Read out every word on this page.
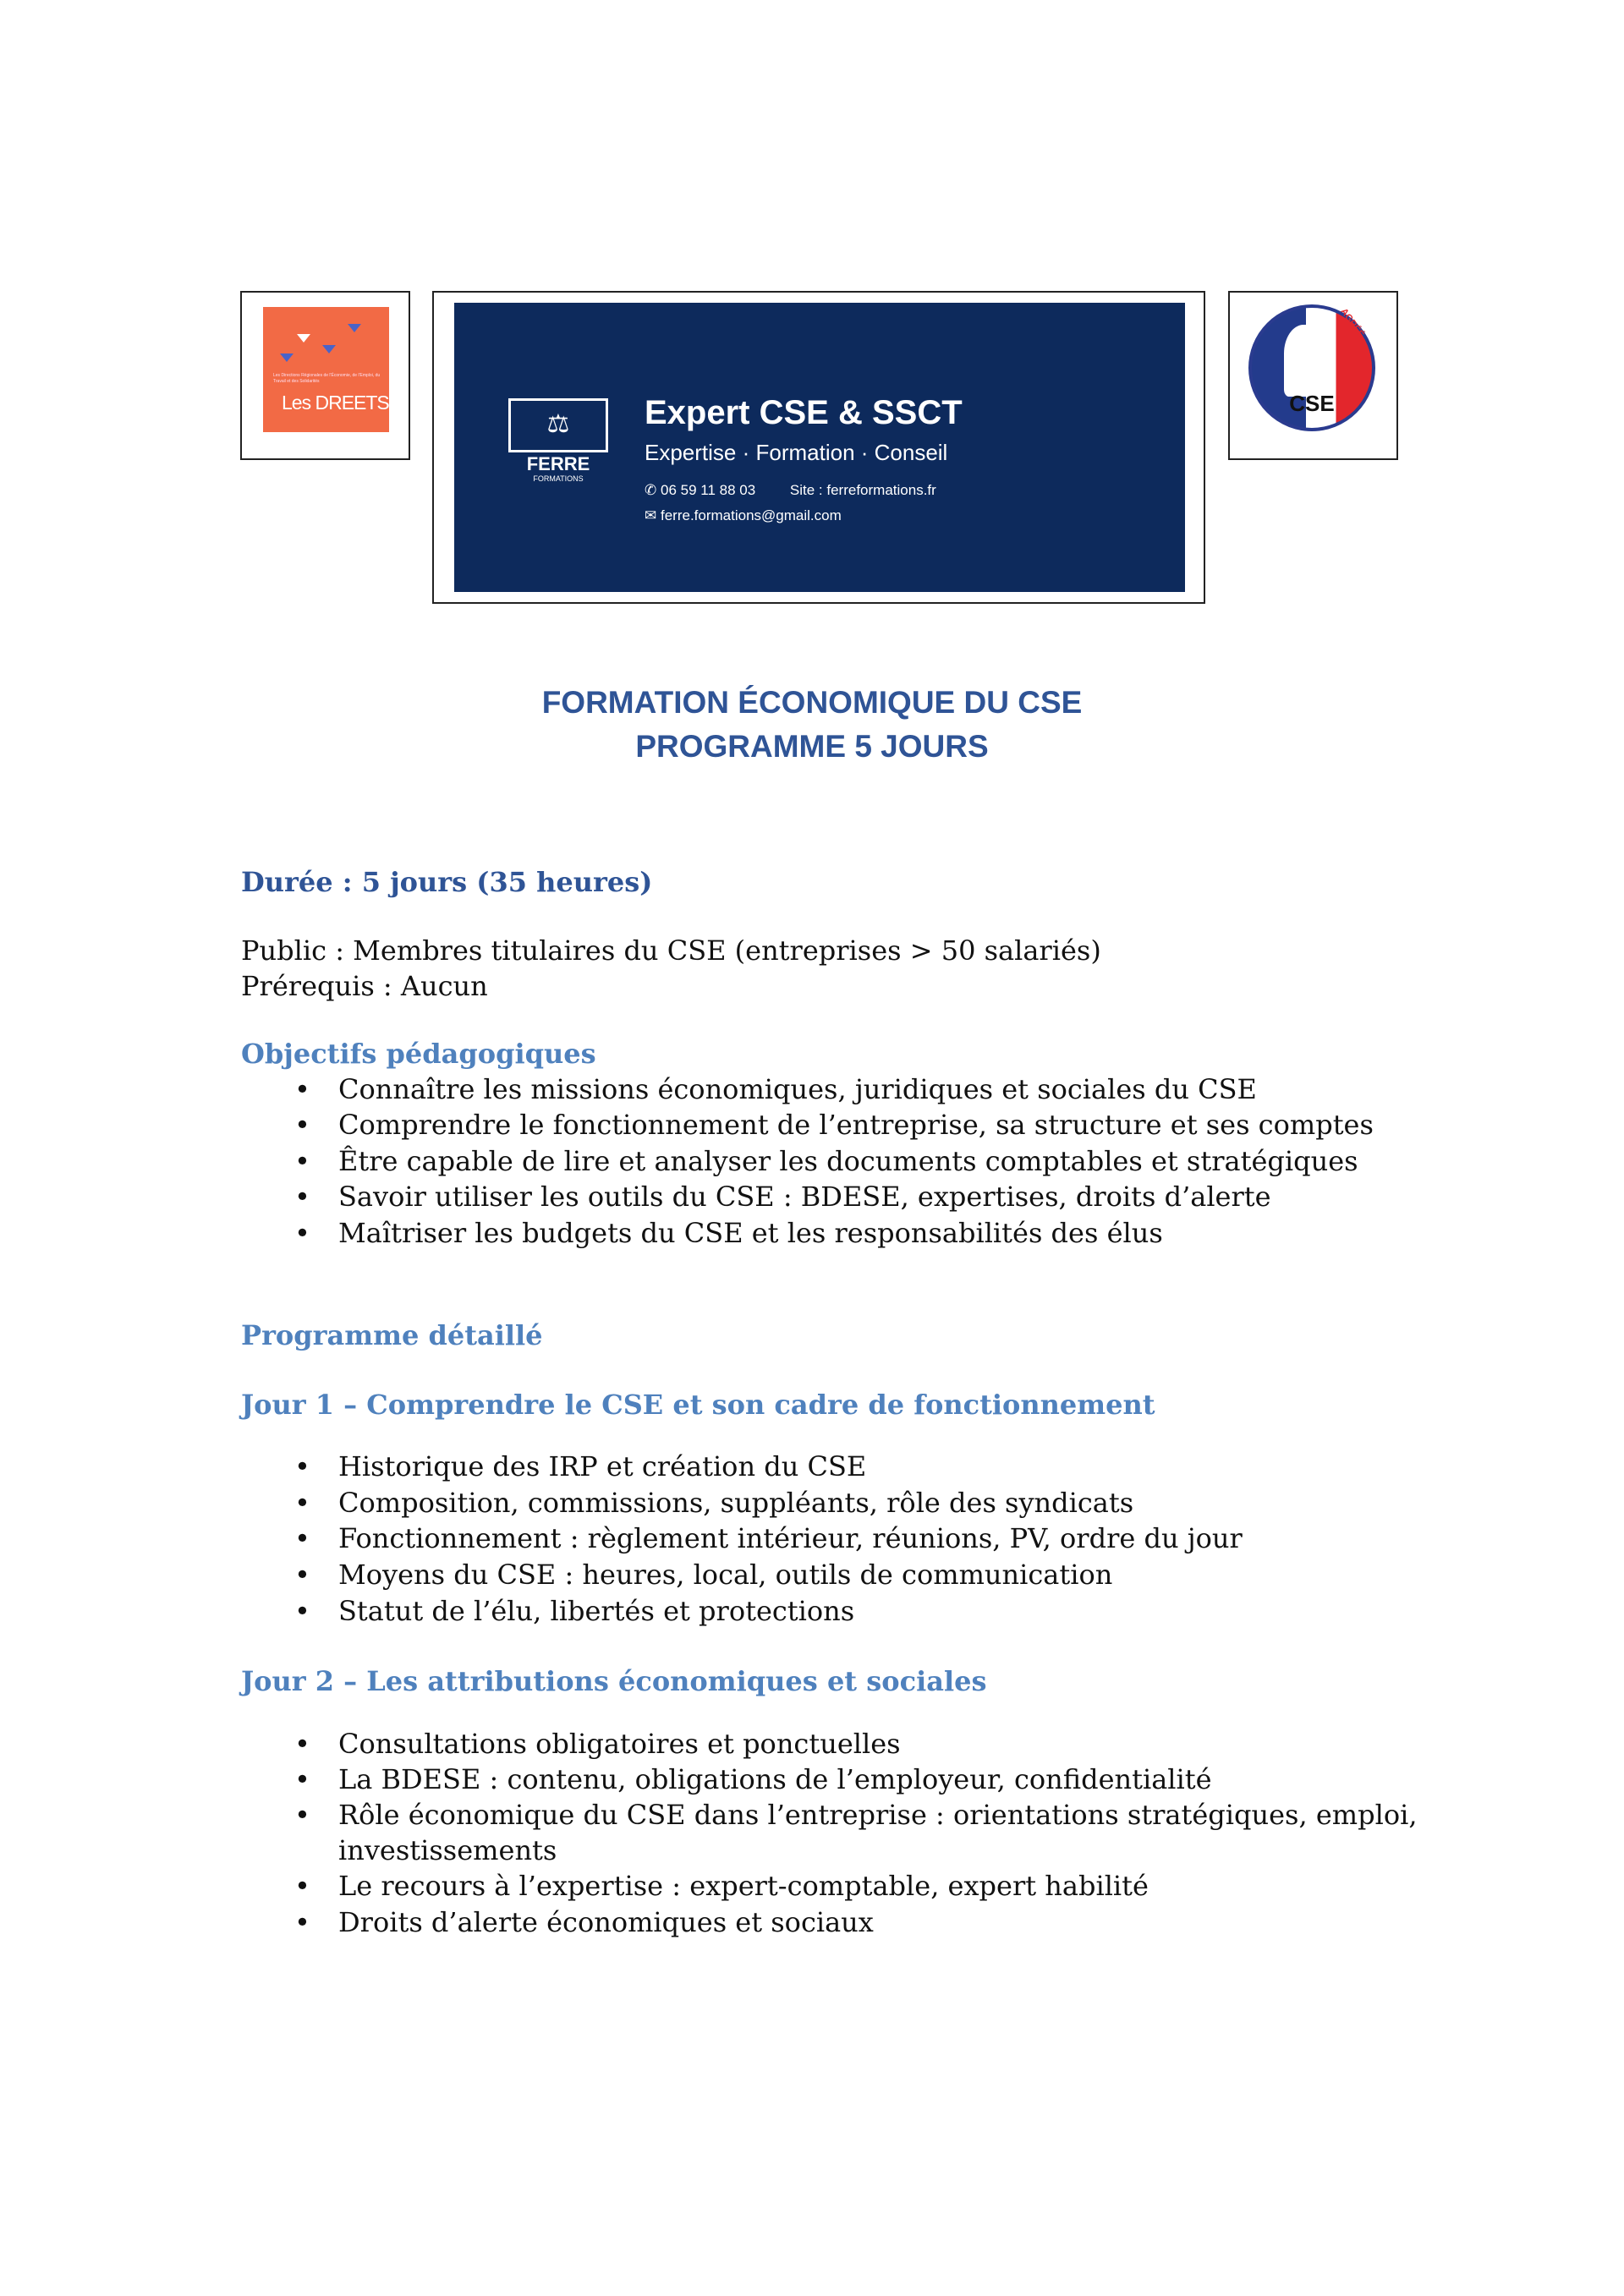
Les Directions Régionales de l'Économie, de l'Emploi, du Travail et des Solidarités
Les DREETS
⚖
FERRE
FORMATIONS
Expert CSE & SSCT
Expertise · Formation · Conseil
✆ 06 59 11 88 03 Site : ferreformations.fr
✉ ferre.formations@gmail.com
AGRÉÉ
CSE
FORMATION ÉCONOMIQUE DU CSE
PROGRAMME 5 JOURS
Durée : 5 jours (35 heures)
Public : Membres titulaires du CSE (entreprises > 50 salariés)
Prérequis : Aucun
Objectifs pédagogiques
• Connaître les missions économiques, juridiques et sociales du CSE
• Comprendre le fonctionnement de l’entreprise, sa structure et ses comptes
• Être capable de lire et analyser les documents comptables et stratégiques
• Savoir utiliser les outils du CSE : BDESE, expertises, droits d’alerte
• Maîtriser les budgets du CSE et les responsabilités des élus
Programme détaillé
Jour 1 – Comprendre le CSE et son cadre de fonctionnement
• Historique des IRP et création du CSE
• Composition, commissions, suppléants, rôle des syndicats
• Fonctionnement : règlement intérieur, réunions, PV, ordre du jour
• Moyens du CSE : heures, local, outils de communication
• Statut de l’élu, libertés et protections
Jour 2 – Les attributions économiques et sociales
• Consultations obligatoires et ponctuelles
• La BDESE : contenu, obligations de l’employeur, confidentialité
• Rôle économique du CSE dans l’entreprise : orientations stratégiques, emploi,
investissements
• Le recours à l’expertise : expert-comptable, expert habilité
• Droits d’alerte économiques et sociaux
